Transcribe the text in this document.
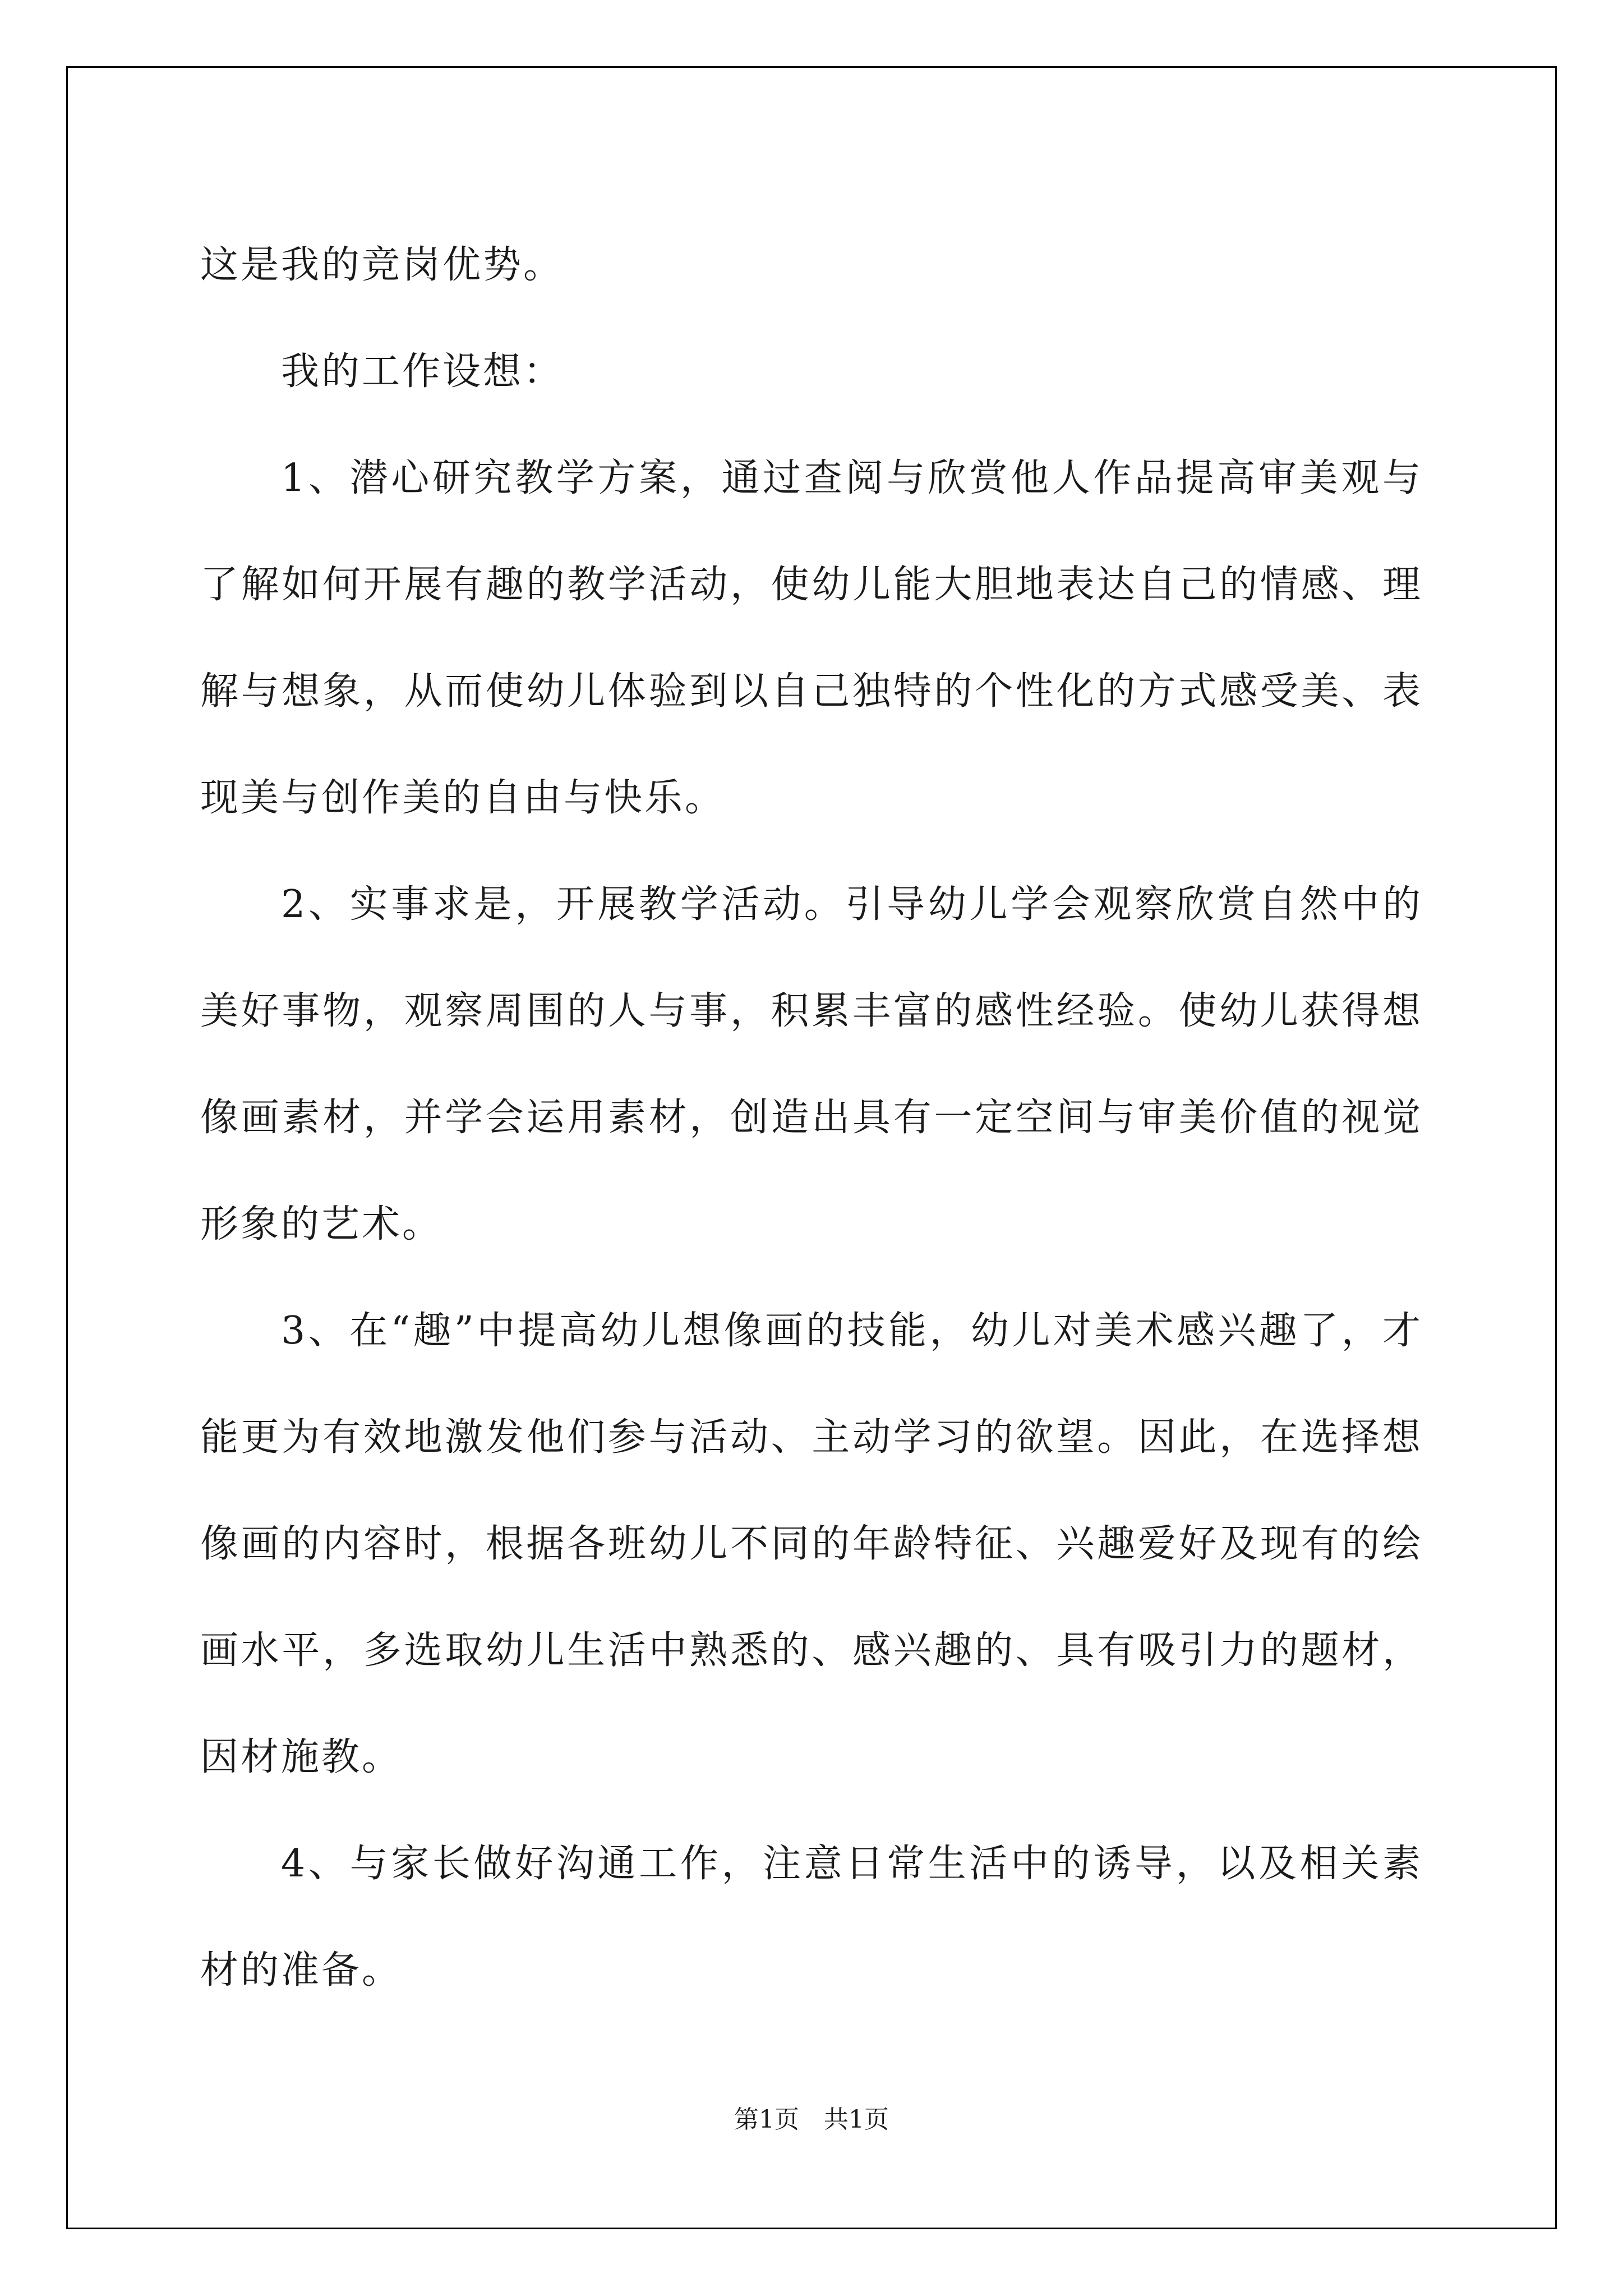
这是我的竞岗优势。

我的工作设想：

1、潜心研究教学方案，通过查阅与欣赏他人作品提高审美观与了解如何开展有趣的教学活动，使幼儿能大胆地表达自己的情感、理解与想象，从而使幼儿体验到以自己独特的个性化的方式感受美、表现美与创作美的自由与快乐。

2、实事求是，开展教学活动。引导幼儿学会观察欣赏自然中的美好事物，观察周围的人与事，积累丰富的感性经验。使幼儿获得想像画素材，并学会运用素材，创造出具有一定空间与审美价值的视觉形象的艺术。

3、在“趣”中提高幼儿想像画的技能，幼儿对美术感兴趣了，才能更为有效地激发他们参与活动、主动学习的欲望。因此，在选择想像画的内容时，根据各班幼儿不同的年龄特征、兴趣爱好及现有的绘画水平，多选取幼儿生活中熟悉的、感兴趣的、具有吸引力的题材，因材施教。

4、与家长做好沟通工作，注意日常生活中的诱导，以及相关素材的准备。

第1页　共1页
